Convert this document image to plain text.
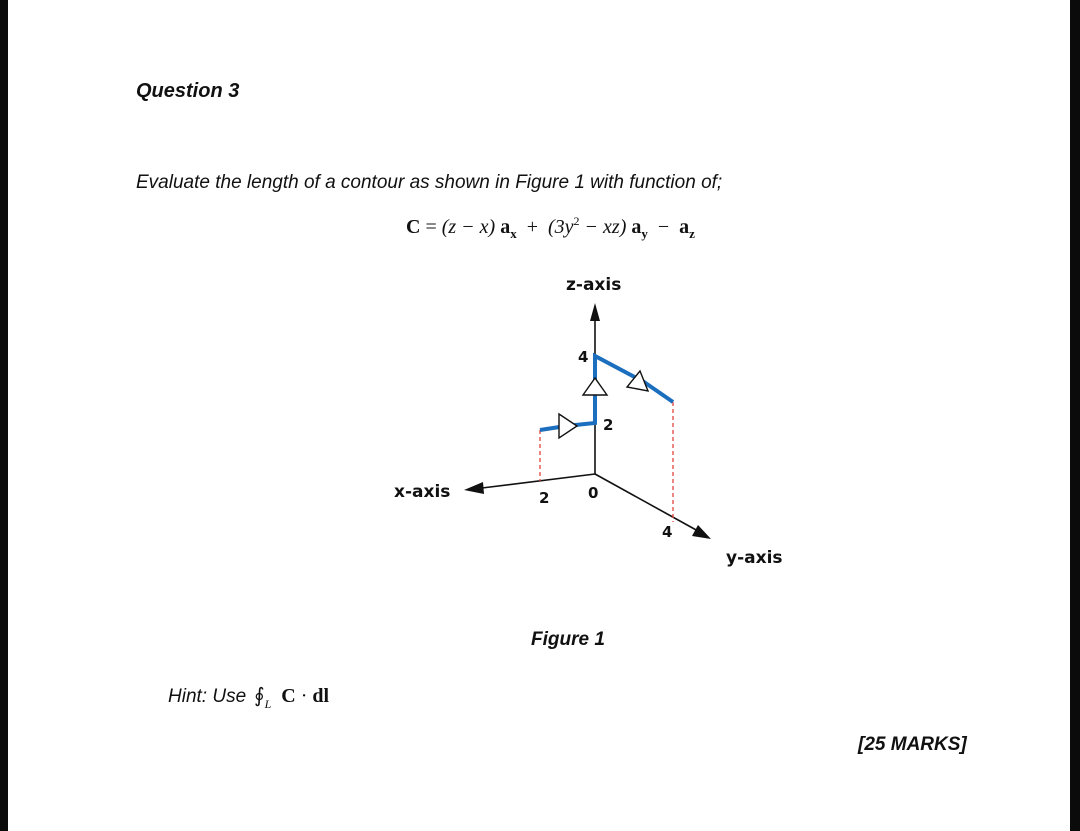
Question 3
Evaluate the length of a contour as shown in Figure 1 with function of;
C = (z − x) $a_x + (3y^2 - xz) a_y - a_z$
z-axis
x-axis
y-axis
4
2
2	0
4
Figure 1
Hint: Use $∮_L$ C · dl
[25 MARKS]
